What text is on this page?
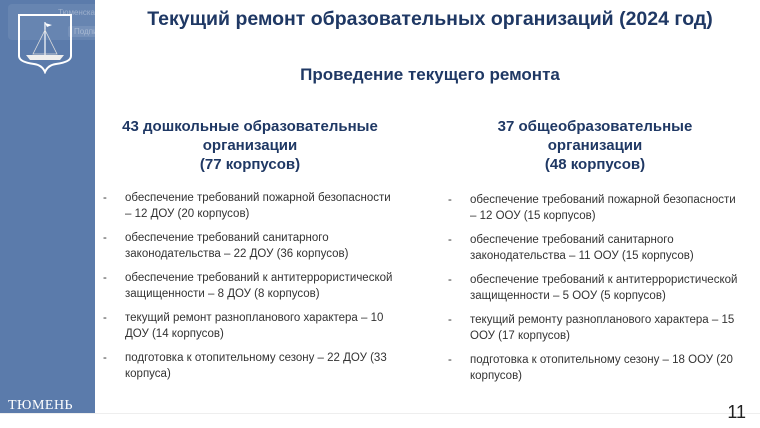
ТЮМЕНЬ
Тюменская городская Дума
Подписаться
Текущий ремонт образовательных организаций (2024 год)
Проведение текущего ремонта
43 дошкольные образовательные
организации
(77 корпусов)
37 общеобразовательные
организации
(48 корпусов)
- обеспечение требований пожарной безопасности – 12 ДОУ (20 корпусов)
- обеспечение требований санитарного законодательства – 22 ДОУ (36 корпусов)
- обеспечение требований к антитеррористической защищенности – 8 ДОУ (8 корпусов)
- текущий ремонт разнопланового характера – 10 ДОУ (14 корпусов)
- подготовка к отопительному сезону – 22 ДОУ (33 корпуса)
- обеспечение требований пожарной безопасности – 12 ООУ (15 корпусов)
- обеспечение требований санитарного законодательства – 11 ООУ (15 корпусов)
- обеспечение требований к антитеррористической защищенности – 5 ООУ (5 корпусов)
- текущий ремонту разнопланового характера – 15 ООУ (17 корпусов)
- подготовка к отопительному сезону – 18 ООУ (20 корпусов)
11
